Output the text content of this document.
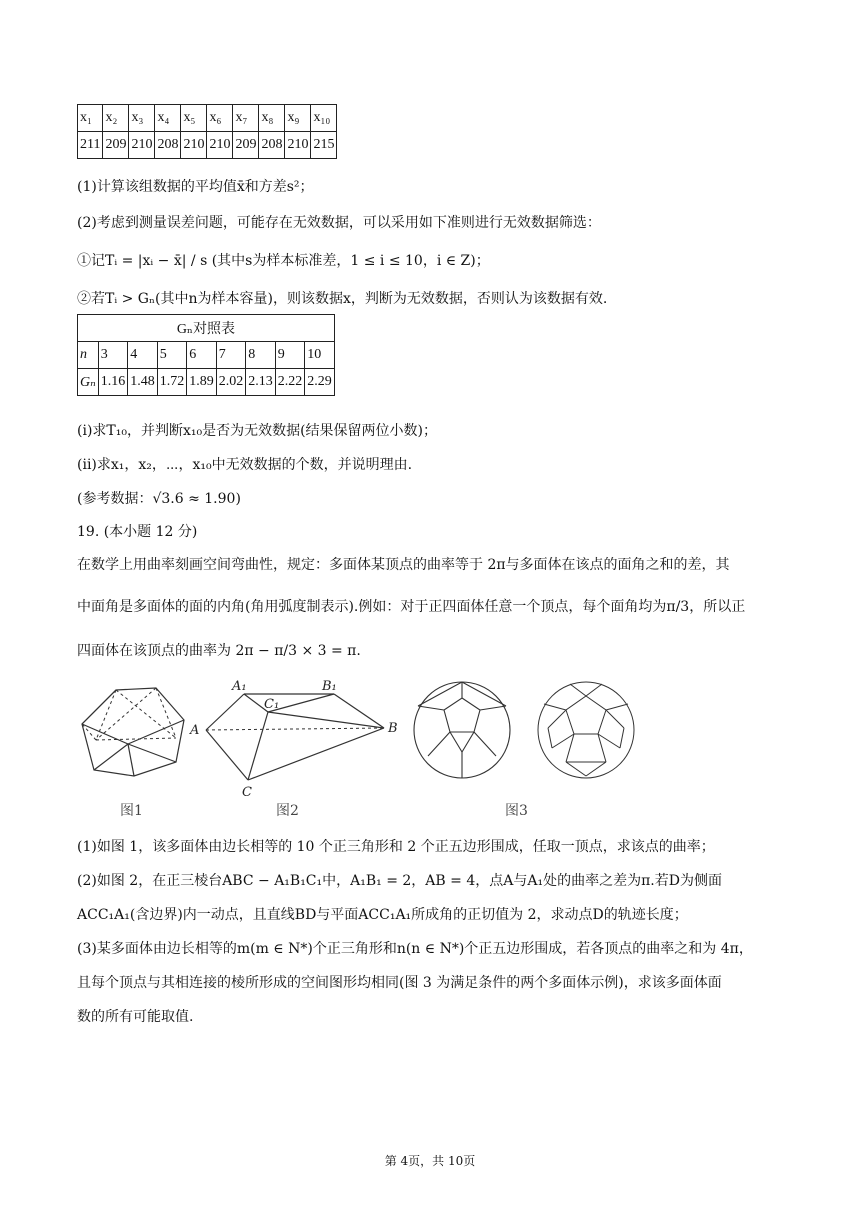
x₁	x₂	x₃	x₄	x₅	x₆	x₇	x₈	x₉	x₁₀
211	209	210	208	210	210	209	208	210	215
(1)计算该组数据的平均值x̄和方差s²；
(2)考虑到测量误差问题，可能存在无效数据，可以采用如下准则进行无效数据筛选：
①记Tᵢ = |xᵢ − x̄| / s (其中s为样本标准差，1 ≤ i ≤ 10，i ∈ Z)；
②若Tᵢ > Gₙ(其中n为样本容量)，则该数据x，判断为无效数据，否则认为该数据有效.
Gₙ对照表								
n	3	4	5	6	7	8	9	10
Gₙ	1.16	1.48	1.72	1.89	2.02	2.13	2.22	2.29
(i)求T₁₀，并判断x₁₀是否为无效数据(结果保留两位小数)；
(ii)求x₁，x₂，⋯，x₁₀中无效数据的个数，并说明理由.
(参考数据：√3.6 ≈ 1.90)
19. (本小题 12 分)
在数学上用曲率刻画空间弯曲性，规定：多面体某顶点的曲率等于 2π与多面体在该点的面角之和的差，其
中面角是多面体的面的内角(角用弧度制表示).例如：对于正四面体任意一个顶点，每个面角均为π/3，所以正
四面体在该顶点的曲率为 2π − π/3 × 3 = π.
图1
A₁	B₁
C₁
A	B
C
图2	图3
(1)如图 1，该多面体由边长相等的 10 个正三角形和 2 个正五边形围成，任取一顶点，求该点的曲率；
(2)如图 2，在正三棱台ABC − A₁B₁C₁中，A₁B₁ = 2，AB = 4，点A与A₁处的曲率之差为π.若D为侧面
ACC₁A₁(含边界)内一动点，且直线BD与平面ACC₁A₁所成角的正切值为 2，求动点D的轨迹长度；
(3)某多面体由边长相等的m(m ∈ N*)个正三角形和n(n ∈ N*)个正五边形围成，若各顶点的曲率之和为 4π，
且每个顶点与其相连接的棱所形成的空间图形均相同(图 3 为满足条件的两个多面体示例)，求该多面体面
数的所有可能取值.
第 4页，共 10页
